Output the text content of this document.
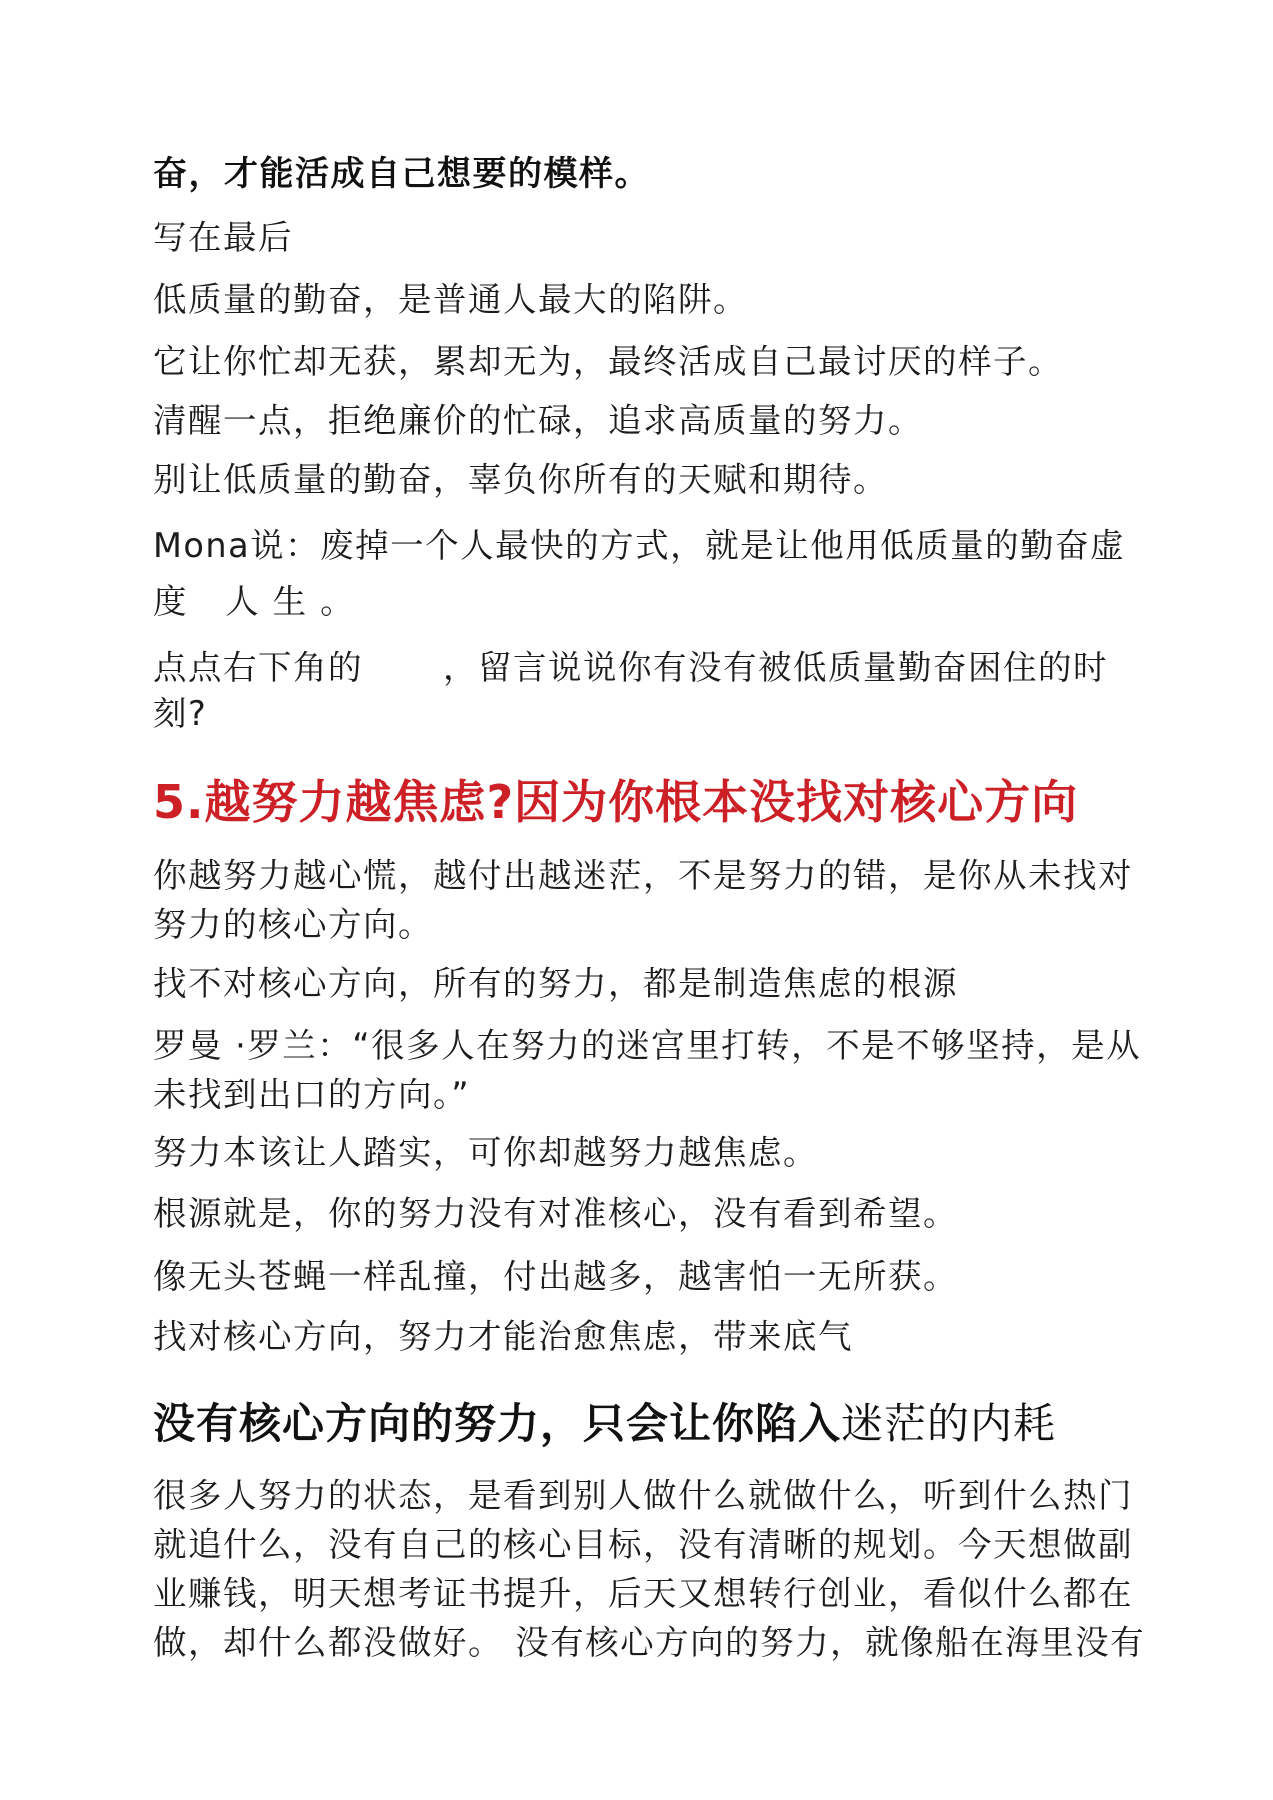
奋，才能活成自己想要的模样。
写在最后
低质量的勤奋，是普通人最大的陷阱。
它让你忙却无获，累却无为，最终活成自己最讨厌的样子。
清醒一点，拒绝廉价的忙碌，追求高质量的努力。
别让低质量的勤奋，辜负你所有的天赋和期待。
Mona说：废掉一个人最快的方式，就是让他用低质量的勤奋虚
度 人生。
点点右下角的 ，留言说说你有没有被低质量勤奋困住的时
刻?
5.越努力越焦虑?因为你根本没找对核心方向
你越努力越心慌，越付出越迷茫，不是努力的错，是你从未找对
努力的核心方向。
找不对核心方向，所有的努力，都是制造焦虑的根源
罗曼 ·罗兰：“很多人在努力的迷宫里打转，不是不够坚持，是从
未找到出口的方向。”
努力本该让人踏实，可你却越努力越焦虑。
根源就是，你的努力没有对准核心，没有看到希望。
像无头苍蝇一样乱撞，付出越多，越害怕一无所获。
找对核心方向，努力才能治愈焦虑，带来底气
没有核心方向的努力，只会让你陷入迷茫的内耗
很多人努力的状态，是看到别人做什么就做什么，听到什么热门
就追什么，没有自己的核心目标，没有清晰的规划。今天想做副
业赚钱，明天想考证书提升，后天又想转行创业，看似什么都在
做，却什么都没做好。 没有核心方向的努力，就像船在海里没有
